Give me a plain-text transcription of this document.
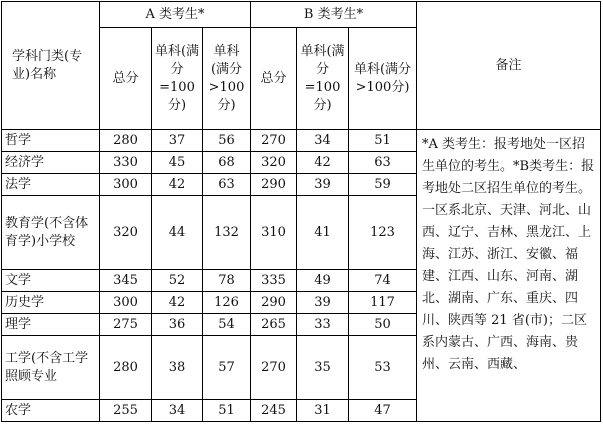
学科门类(专业)名称	A 类考生*			B 类考生*			备注
	总分	单科(满分=100分)	单科(满分>100分)	总分	单科(满分=100分)	单科(满分>100分)	
哲学	280	37	56	270	34	51	*A 类考生：报考地处一区招生单位的考生。*B类考生：报考地处二区招生单位的考生。一区系北京、天津、河北、山西、辽宁、吉林、黑龙江、上海、江苏、浙江、安徽、福建、江西、山东、河南、湖北、湖南、广东、重庆、四川、陕西等 21 省(市)；二区系内蒙古、广西、海南、贵州、云南、西藏、
经济学	330	45	68	320	42	63	
法学	300	42	63	290	39	59	
教育学(不含体育学)小学校	320	44	132	310	41	123	
文学	345	52	78	335	49	74	
历史学	300	42	126	290	39	117	
理学	275	36	54	265	33	50	
工学(不含工学照顾专业	280	38	57	270	35	53	
农学	255	34	51	245	31	47	
